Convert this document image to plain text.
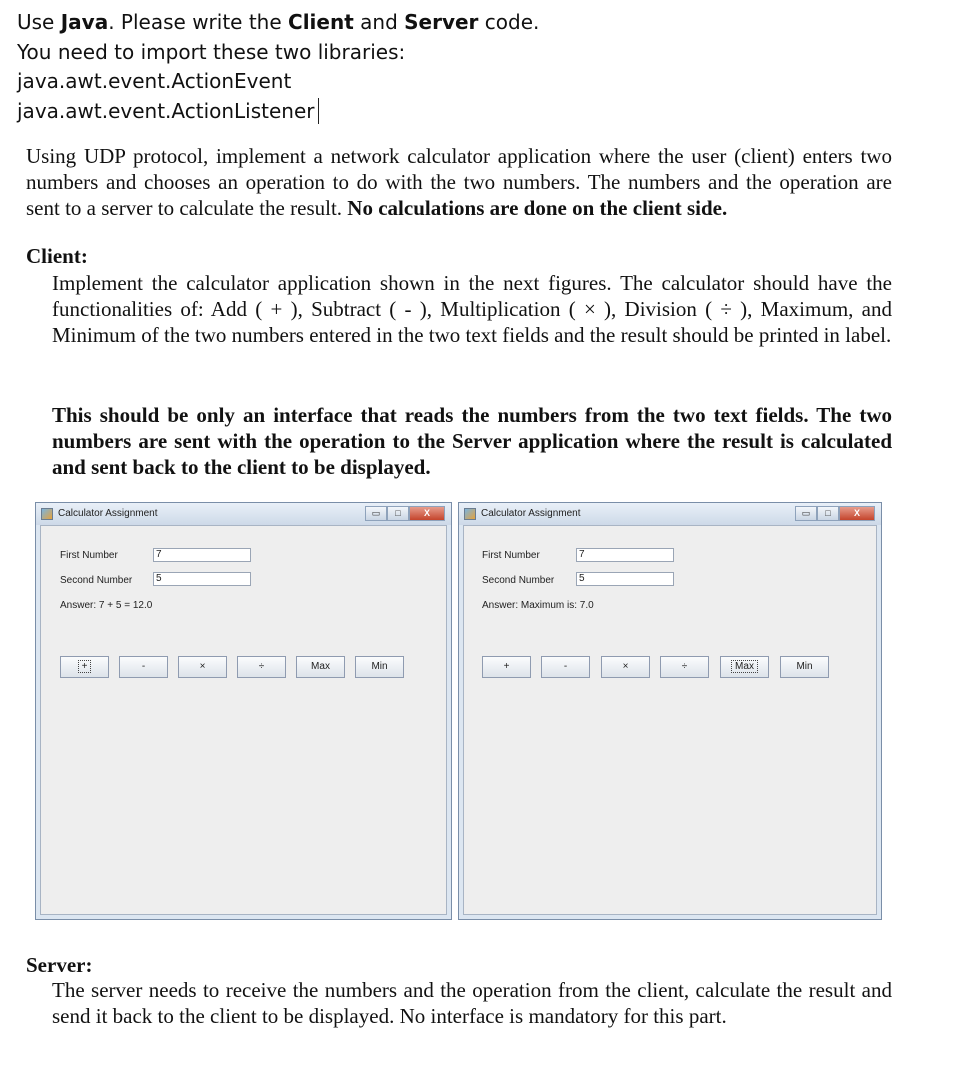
Use Java. Please write the Client and Server code.
You need to import these two libraries:
java.awt.event.ActionEvent
java.awt.event.ActionListener
Using UDP protocol, implement a network calculator application where the user (client) enters two numbers and chooses an operation to do with the two numbers. The numbers and the operation are sent to a server to calculate the result. No calculations are done on the client side.
Client:
Implement the calculator application shown in the next figures. The calculator should have the functionalities of: Add ( + ), Subtract ( - ), Multiplication ( × ), Division ( ÷ ), Maximum, and Minimum of the two numbers entered in the two text fields and the result should be printed in label.
This should be only an interface that reads the numbers from the two text fields. The two numbers are sent with the operation to the Server application where the result is calculated and sent back to the client to be displayed.
Calculator Assignment	▭	□	X
First Number	7
Second Number	5
Answer: 7 + 5 = 12.0
+	-	×	÷	Max	Min
Calculator Assignment	▭	□	X
First Number	7
Second Number	5
Answer: Maximum is: 7.0
+	-	×	÷	Max	Min
Server:
The server needs to receive the numbers and the operation from the client, calculate the result and send it back to the client to be displayed. No interface is mandatory for this part.
